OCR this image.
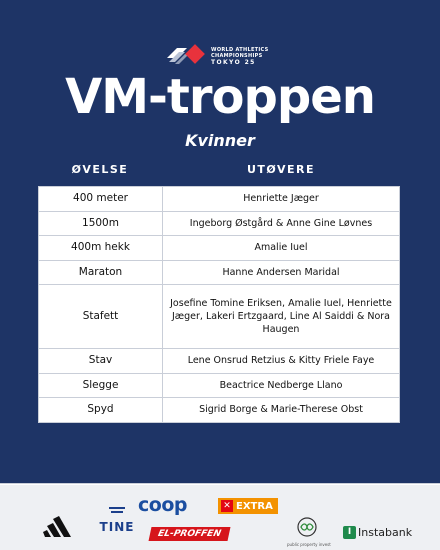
WORLD ATHLETICS
CHAMPIONSHIPS
TOKYO 25
VM-troppen
Kvinner
ØVELSE	UTØVERE
400 meter	Henriette Jæger
1500m	Ingeborg Østgård & Anne Gine Løvnes
400m hekk	Amalie Iuel
Maraton	Hanne Andersen Maridal
Stafett	Josefine Tomine Eriksen, Amalie Iuel, Henriette Jæger, Lakeri Ertzgaard, Line Al Saiddi & Nora Haugen
Stav	Lene Onsrud Retzius & Kitty Friele Faye
Slegge	Beactrice Nedberge Llano
Spyd	Sigrid Borge & Marie-Therese Obst
TINE
coop	✕ EXTRA
EL-PROFFEN
public property invest
I Instabank
